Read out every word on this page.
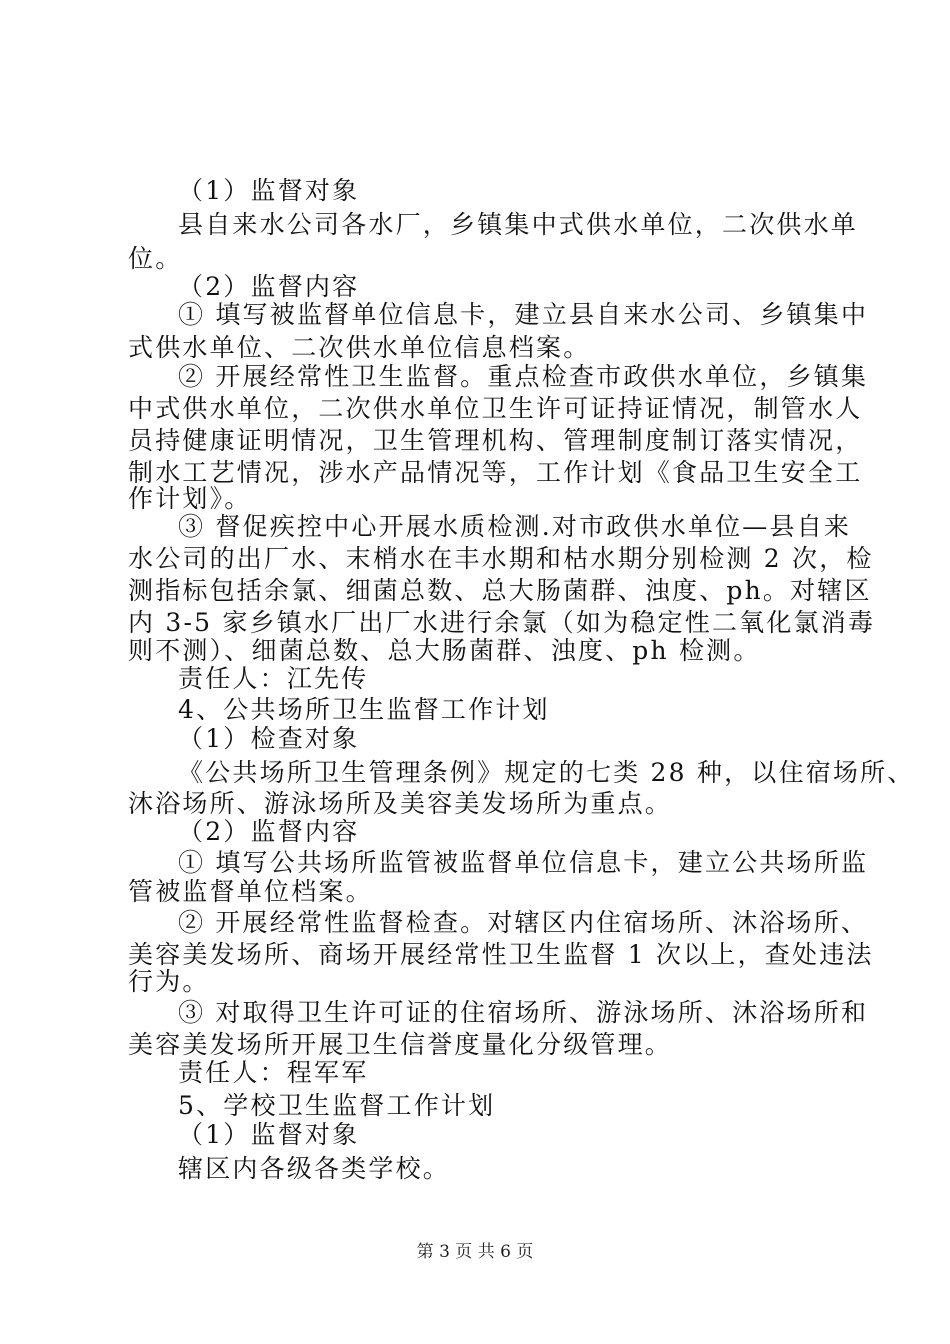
（1）监督对象
县自来水公司各水厂，乡镇集中式供水单位，二次供水单
位。
（2）监督内容
① 填写被监督单位信息卡，建立县自来水公司、乡镇集中
式供水单位、二次供水单位信息档案。
② 开展经常性卫生监督。重点检查市政供水单位，乡镇集
中式供水单位，二次供水单位卫生许可证持证情况，制管水人
员持健康证明情况，卫生管理机构、管理制度制订落实情况，
制水工艺情况，涉水产品情况等，工作计划《食品卫生安全工
作计划》。
③ 督促疾控中心开展水质检测.对市政供水单位—县自来
水公司的出厂水、末梢水在丰水期和枯水期分别检测 2 次，检
测指标包括余氯、细菌总数、总大肠菌群、浊度、ph。对辖区
内 3-5 家乡镇水厂出厂水进行余氯（如为稳定性二氧化氯消毒
则不测）、细菌总数、总大肠菌群、浊度、ph 检测。
责任人：江先传
4、公共场所卫生监督工作计划
（1）检查对象
《公共场所卫生管理条例》规定的七类 28 种，以住宿场所、
沐浴场所、游泳场所及美容美发场所为重点。
（2）监督内容
① 填写公共场所监管被监督单位信息卡，建立公共场所监
管被监督单位档案。
② 开展经常性监督检查。对辖区内住宿场所、沐浴场所、
美容美发场所、商场开展经常性卫生监督 1 次以上，查处违法
行为。
③ 对取得卫生许可证的住宿场所、游泳场所、沐浴场所和
美容美发场所开展卫生信誉度量化分级管理。
责任人：程军军
5、学校卫生监督工作计划
（1）监督对象
辖区内各级各类学校。
第 3 页 共 6 页
